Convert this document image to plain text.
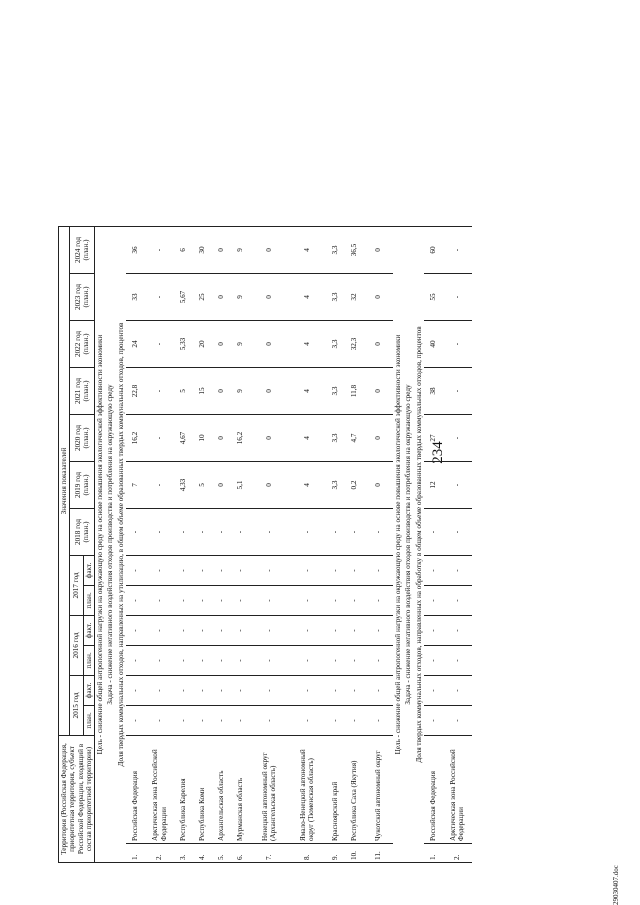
234
Территория (Российская Федерация, приоритетная территория, субъект Российской Федерации, входящий в состав приоритетной территории)		Значения показателей												
		2015 год		2016 год		2017 год		2018 год (план.)	2019 год (план.)	2020 год (план.)	2021 год (план.)	2022 год (план.)	2023 год (план.)	2024 год (план.)
		план.	факт.	план.	факт.	план.	факт.							
Цель - снижение общей антропогенной нагрузки на окружающую среду на основе повышения экологической эффективности экономики														
Задача - снижение негативного воздействия отходов производства и потребления на окружающую среду														
Доля твердых коммунальных отходов, направленных на утилизацию, в общем объеме образованных твердых коммунальных отходов, процентов														
1.	Российская Федерация	-	-	-	-	-	-	-	7	16,2	22,8	24	33	36
2.	Арктическая зона Российской Федерации	-	-	-	-	-	-	-	-	-	-	-	-	-
3.	Республика Карелия	-	-	-	-	-	-	-	4,33	4,67	5	5,33	5,67	6
4.	Республика Коми	-	-	-	-	-	-	-	5	10	15	20	25	30
5.	Архангельская область	-	-	-	-	-	-	-	0	0	0	0	0	0
6.	Мурманская область	-	-	-	-	-	-	-	5,1	16,2	9	9	9	9
7.	Ненецкий автономный округ (Архангельская область)	-	-	-	-	-	-	-	0	0	0	0	0	0
8.	Ямало-Ненецкий автономный округ (Тюменская область)	-	-	-	-	-	-	-	4	4	4	4	4	4
9.	Красноярский край	-	-	-	-	-	-	-	3,3	3,3	3,3	3,3	3,3	3,3
10.	Республика Саха (Якутия)	-	-	-	-	-	-	-	0,2	4,7	11,8	32,3	32	36,5
11.	Чукотский автономный округ	-	-	-	-	-	-	-	0	0	0	0	0	0
Цель - снижение общей антропогенной нагрузки на окружающую среду на основе повышения экологической эффективности экономики														
Задача - снижение негативного воздействия отходов производства и потребления на окружающую среду														
Доля твердых коммунальных отходов, направленных на обработку в общем объеме образованных твердых коммунальных отходов, процентов														
1.	Российская Федерация	-	-	-	-	-	-	-	12	27	38	40	55	60
2.	Арктическая зона Российской Федерации	-	-	-	-	-	-	-	-	-	-	-	-	-
29030407.doc
